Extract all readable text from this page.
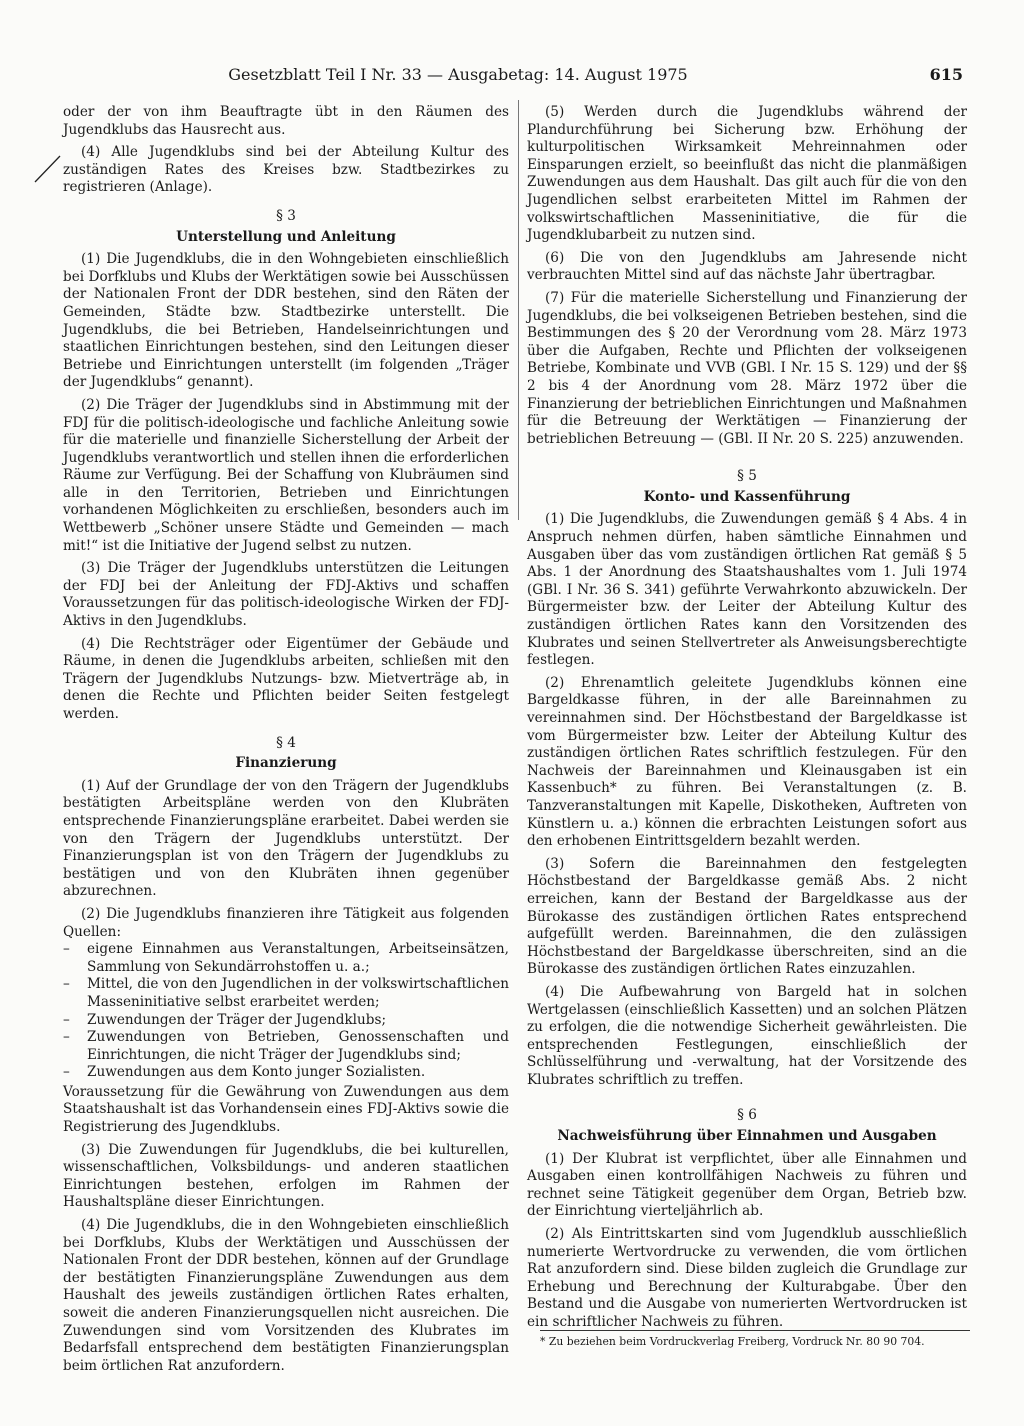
Gesetzblatt Teil I Nr. 33 — Ausgabetag: 14. August 1975	615

oder der von ihm Beauftragte übt in den Räumen des Jugendklubs das Hausrecht aus.

(4) Alle Jugendklubs sind bei der Abteilung Kultur des zuständigen Rates des Kreises bzw. Stadtbezirkes zu registrieren (Anlage).

§ 3

Unterstellung und Anleitung

(1) Die Jugendklubs, die in den Wohngebieten einschließlich bei Dorfklubs und Klubs der Werktätigen sowie bei Ausschüssen der Nationalen Front der DDR bestehen, sind den Räten der Gemeinden, Städte bzw. Stadtbezirke unterstellt. Die Jugendklubs, die bei Betrieben, Handelseinrichtungen und staatlichen Einrichtungen bestehen, sind den Leitungen dieser Betriebe und Einrichtungen unterstellt (im folgenden „Träger der Jugendklubs“ genannt).

(2) Die Träger der Jugendklubs sind in Abstimmung mit der FDJ für die politisch-ideologische und fachliche Anleitung sowie für die materielle und finanzielle Sicherstellung der Arbeit der Jugendklubs verantwortlich und stellen ihnen die erforderlichen Räume zur Verfügung. Bei der Schaffung von Klubräumen sind alle in den Territorien, Betrieben und Einrichtungen vorhandenen Möglichkeiten zu erschließen, besonders auch im Wettbewerb „Schöner unsere Städte und Gemeinden — mach mit!“ ist die Initiative der Jugend selbst zu nutzen.

(3) Die Träger der Jugendklubs unterstützen die Leitungen der FDJ bei der Anleitung der FDJ-Aktivs und schaffen Voraussetzungen für das politisch-ideologische Wirken der FDJ-Aktivs in den Jugendklubs.

(4) Die Rechtsträger oder Eigentümer der Gebäude und Räume, in denen die Jugendklubs arbeiten, schließen mit den Trägern der Jugendklubs Nutzungs- bzw. Mietverträge ab, in denen die Rechte und Pflichten beider Seiten festgelegt werden.

§ 4

Finanzierung

(1) Auf der Grundlage der von den Trägern der Jugendklubs bestätigten Arbeitspläne werden von den Klubräten entsprechende Finanzierungspläne erarbeitet. Dabei werden sie von den Trägern der Jugendklubs unterstützt. Der Finanzierungsplan ist von den Trägern der Jugendklubs zu bestätigen und von den Klubräten ihnen gegenüber abzurechnen.

(2) Die Jugendklubs finanzieren ihre Tätigkeit aus folgenden Quellen:

– eigene Einnahmen aus Veranstaltungen, Arbeitseinsätzen, Sammlung von Sekundärrohstoffen u. a.;
– Mittel, die von den Jugendlichen in der volkswirtschaftlichen Masseninitiative selbst erarbeitet werden;
– Zuwendungen der Träger der Jugendklubs;
– Zuwendungen von Betrieben, Genossenschaften und Einrichtungen, die nicht Träger der Jugendklubs sind;
– Zuwendungen aus dem Konto junger Sozialisten.

Voraussetzung für die Gewährung von Zuwendungen aus dem Staatshaushalt ist das Vorhandensein eines FDJ-Aktivs sowie die Registrierung des Jugendklubs.

(3) Die Zuwendungen für Jugendklubs, die bei kulturellen, wissenschaftlichen, Volksbildungs- und anderen staatlichen Einrichtungen bestehen, erfolgen im Rahmen der Haushaltspläne dieser Einrichtungen.

(4) Die Jugendklubs, die in den Wohngebieten einschließlich bei Dorfklubs, Klubs der Werktätigen und Ausschüssen der Nationalen Front der DDR bestehen, können auf der Grundlage der bestätigten Finanzierungspläne Zuwendungen aus dem Haushalt des jeweils zuständigen örtlichen Rates erhalten, soweit die anderen Finanzierungsquellen nicht ausreichen. Die Zuwendungen sind vom Vorsitzenden des Klubrates im Bedarfsfall entsprechend dem bestätigten Finanzierungsplan beim örtlichen Rat anzufordern.

(5) Werden durch die Jugendklubs während der Plandurchführung bei Sicherung bzw. Erhöhung der kulturpolitischen Wirksamkeit Mehreinnahmen oder Einsparungen erzielt, so beeinflußt das nicht die planmäßigen Zuwendungen aus dem Haushalt. Das gilt auch für die von den Jugendlichen selbst erarbeiteten Mittel im Rahmen der volkswirtschaftlichen Masseninitiative, die für die Jugendklubarbeit zu nutzen sind.

(6) Die von den Jugendklubs am Jahresende nicht verbrauchten Mittel sind auf das nächste Jahr übertragbar.

(7) Für die materielle Sicherstellung und Finanzierung der Jugendklubs, die bei volkseigenen Betrieben bestehen, sind die Bestimmungen des § 20 der Verordnung vom 28. März 1973 über die Aufgaben, Rechte und Pflichten der volkseigenen Betriebe, Kombinate und VVB (GBl. I Nr. 15 S. 129) und der §§ 2 bis 4 der Anordnung vom 28. März 1972 über die Finanzierung der betrieblichen Einrichtungen und Maßnahmen für die Betreuung der Werktätigen — Finanzierung der betrieblichen Betreuung — (GBl. II Nr. 20 S. 225) anzuwenden.

§ 5

Konto- und Kassenführung

(1) Die Jugendklubs, die Zuwendungen gemäß § 4 Abs. 4 in Anspruch nehmen dürfen, haben sämtliche Einnahmen und Ausgaben über das vom zuständigen örtlichen Rat gemäß § 5 Abs. 1 der Anordnung des Staatshaushaltes vom 1. Juli 1974 (GBl. I Nr. 36 S. 341) geführte Verwahrkonto abzuwickeln. Der Bürgermeister bzw. der Leiter der Abteilung Kultur des zuständigen örtlichen Rates kann den Vorsitzenden des Klubrates und seinen Stellvertreter als Anweisungsberechtigte festlegen.

(2) Ehrenamtlich geleitete Jugendklubs können eine Bargeldkasse führen, in der alle Bareinnahmen zu vereinnahmen sind. Der Höchstbestand der Bargeldkasse ist vom Bürgermeister bzw. Leiter der Abteilung Kultur des zuständigen örtlichen Rates schriftlich festzulegen. Für den Nachweis der Bareinnahmen und Kleinausgaben ist ein Kassenbuch* zu führen. Bei Veranstaltungen (z. B. Tanzveranstaltungen mit Kapelle, Diskotheken, Auftreten von Künstlern u. a.) können die erbrachten Leistungen sofort aus den erhobenen Eintrittsgeldern bezahlt werden.

(3) Sofern die Bareinnahmen den festgelegten Höchstbestand der Bargeldkasse gemäß Abs. 2 nicht erreichen, kann der Bestand der Bargeldkasse aus der Bürokasse des zuständigen örtlichen Rates entsprechend aufgefüllt werden. Bareinnahmen, die den zulässigen Höchstbestand der Bargeldkasse überschreiten, sind an die Bürokasse des zuständigen örtlichen Rates einzuzahlen.

(4) Die Aufbewahrung von Bargeld hat in solchen Wertgelassen (einschließlich Kassetten) und an solchen Plätzen zu erfolgen, die die notwendige Sicherheit gewährleisten. Die entsprechenden Festlegungen, einschließlich der Schlüsselführung und -verwaltung, hat der Vorsitzende des Klubrates schriftlich zu treffen.

§ 6

Nachweisführung über Einnahmen und Ausgaben

(1) Der Klubrat ist verpflichtet, über alle Einnahmen und Ausgaben einen kontrollfähigen Nachweis zu führen und rechnet seine Tätigkeit gegenüber dem Organ, Betrieb bzw. der Einrichtung vierteljährlich ab.

(2) Als Eintrittskarten sind vom Jugendklub ausschließlich numerierte Wertvordrucke zu verwenden, die vom örtlichen Rat anzufordern sind. Diese bilden zugleich die Grundlage zur Erhebung und Berechnung der Kulturabgabe. Über den Bestand und die Ausgabe von numerierten Wertvordrucken ist ein schriftlicher Nachweis zu führen.

* Zu beziehen beim Vordruckverlag Freiberg, Vordruck Nr. 80 90 704.
